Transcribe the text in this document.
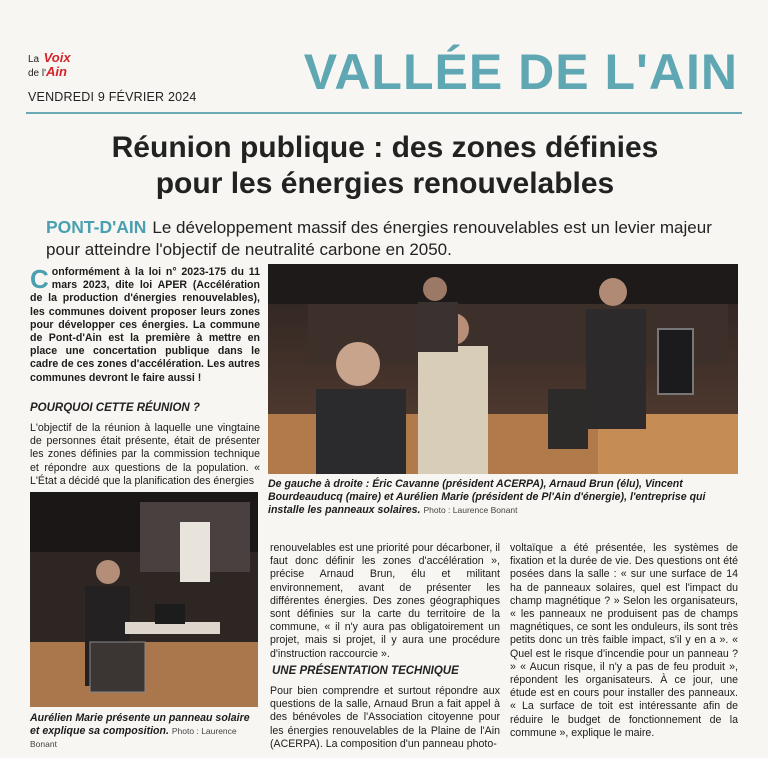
La Voix
de l'Ain
VENDREDI 9 FÉVRIER 2024	VALLÉE DE L'AIN
Réunion publique : des zones définies
pour les énergies renouvelables
PONT-D'AIN Le développement massif des énergies renouvelables est un levier majeur pour atteindre l'objectif de neutralité carbone en 2050.
Conformément à la loi n° 2023-175 du 11 mars 2023, dite loi APER (Accélération de la production d'énergies renouvelables), les communes doivent proposer leurs zones pour développer ces énergies. La commune de Pont-d'Ain est la première à mettre en place une concertation publique dans le cadre de ces zones d'accélération. Les autres communes devront le faire aussi !
POURQUOI CETTE RÉUNION ?
L'objectif de la réunion à laquelle une vingtaine de personnes était présente, était de présenter les zones définies par la commission technique et répondre aux questions de la population. « L'État a décidé que la planification des énergies	De gauche à droite : Éric Cavanne (président ACERPA), Arnaud Brun (élu), Vincent Bourdeauducq (maire) et Aurélien Marie (président de Pl'Ain d'énergie), l'entreprise qui installe les panneaux solaires. Photo : Laurence Bonant
Aurélien Marie présente un panneau solaire et explique sa composition. Photo : Laurence Bonant
renouvelables est une priorité pour décarboner, il faut donc définir les zones d'accélération », précise Arnaud Brun, élu et militant environnement, avant de présenter les différentes énergies. Des zones géographiques sont définies sur la carte du territoire de la commune, « il n'y aura pas obligatoirement un projet, mais si projet, il y aura une procédure d'instruction raccourcie ».
UNE PRÉSENTATION TECHNIQUE
Pour bien comprendre et surtout répondre aux questions de la salle, Arnaud Brun a fait appel à des bénévoles de l'Association citoyenne pour les énergies renouvelables de la Plaine de l'Ain (ACERPA). La composition d'un panneau photo-
voltaïque a été présentée, les systèmes de fixation et la durée de vie. Des questions ont été posées dans la salle : « sur une surface de 14 ha de panneaux solaires, quel est l'impact du champ magnétique ? » Selon les organisateurs, « les panneaux ne produisent pas de champs magnétiques, ce sont les onduleurs, ils sont très petits donc un très faible impact, s'il y en a ». « Quel est le risque d'incendie pour un panneau ? » « Aucun risque, il n'y a pas de feu produit », répondent les organisateurs. À ce jour, une étude est en cours pour installer des panneaux. « La surface de toit est intéressante afin de réduire le budget de fonctionnement de la commune », explique le maire.
